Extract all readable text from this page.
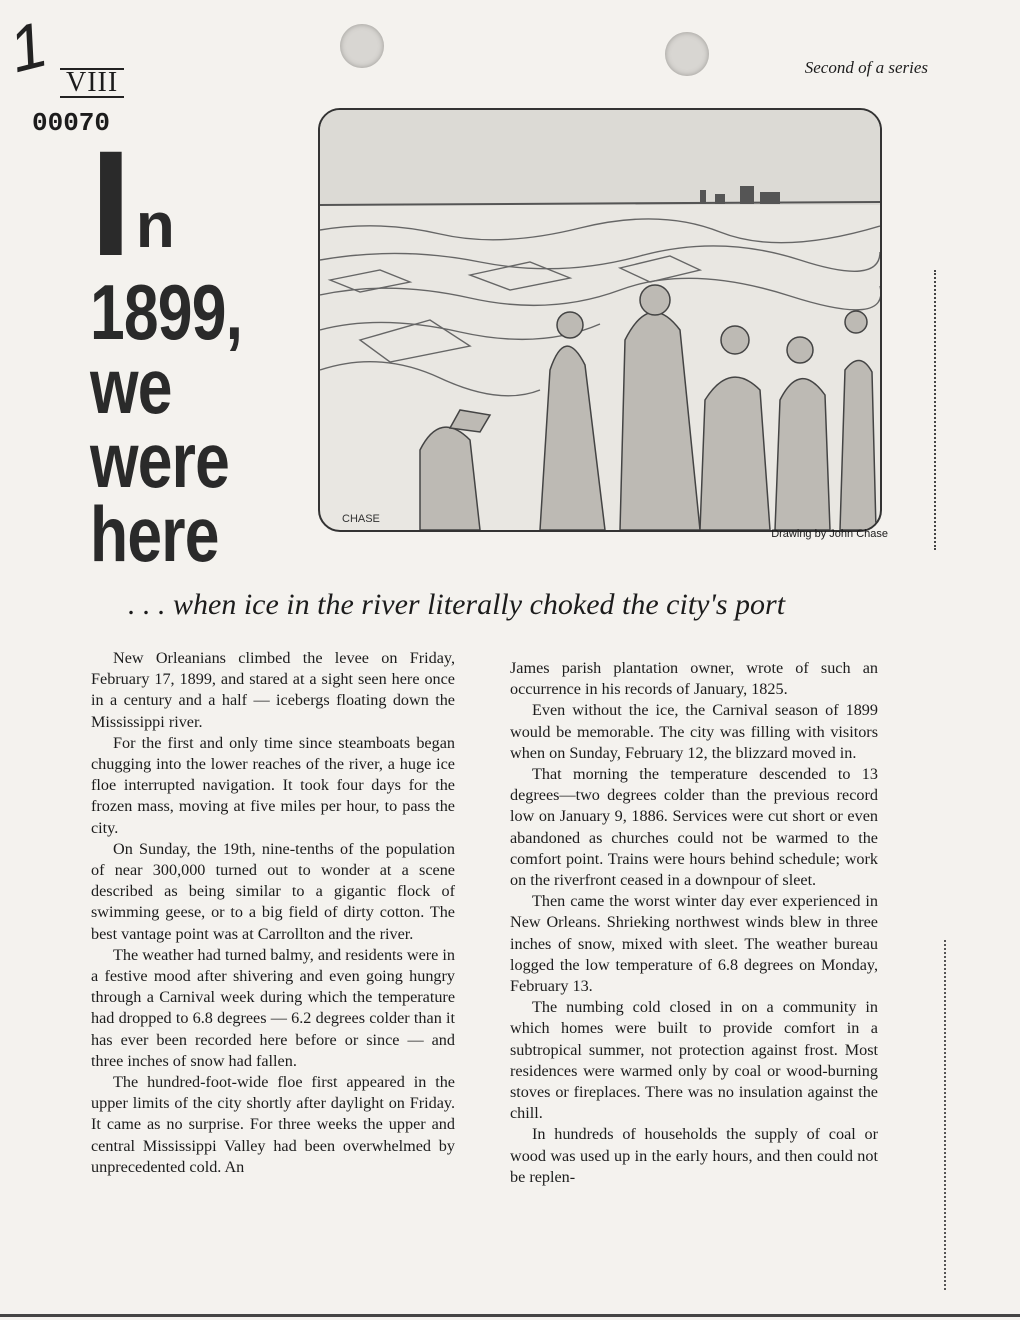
1 VIII
00070
Second of a series
I n
1899,
we
were
here	CHASE
Drawing by John Chase
. . . when ice in the river literally choked the city's port

New Orleanians climbed the levee on Friday, February 17, 1899, and stared at a sight seen here once in a century and a half — icebergs floating down the Mississippi river.

For the first and only time since steamboats began chugging into the lower reaches of the river, a huge ice floe interrupted navigation. It took four days for the frozen mass, moving at five miles per hour, to pass the city.

On Sunday, the 19th, nine-tenths of the population of near 300,000 turned out to wonder at a scene described as being similar to a gigantic flock of swimming geese, or to a big field of dirty cotton. The best vantage point was at Carrollton and the river.

The weather had turned balmy, and residents were in a festive mood after shivering and even going hungry through a Carnival week during which the temperature had dropped to 6.8 degrees — 6.2 degrees colder than it has ever been recorded here before or since — and three inches of snow had fallen.

The hundred-foot-wide floe first appeared in the upper limits of the city shortly after daylight on Friday. It came as no surprise. For three weeks the upper and central Mississippi Valley had been overwhelmed by unprecedented cold. An

James parish plantation owner, wrote of such an occurrence in his records of January, 1825.

Even without the ice, the Carnival season of 1899 would be memorable. The city was filling with visitors when on Sunday, February 12, the blizzard moved in.

That morning the temperature descended to 13 degrees—two degrees colder than the previous record low on January 9, 1886. Services were cut short or even abandoned as churches could not be warmed to the comfort point. Trains were hours behind schedule; work on the riverfront ceased in a downpour of sleet.

Then came the worst winter day ever experienced in New Orleans. Shrieking northwest winds blew in three inches of snow, mixed with sleet. The weather bureau logged the low temperature of 6.8 degrees on Monday, February 13.

The numbing cold closed in on a community in which homes were built to provide comfort in a subtropical summer, not protection against frost. Most residences were warmed only by coal or wood-burning stoves or fireplaces. There was no insulation against the chill.

In hundreds of households the supply of coal or wood was used up in the early hours, and then could not be replen-
